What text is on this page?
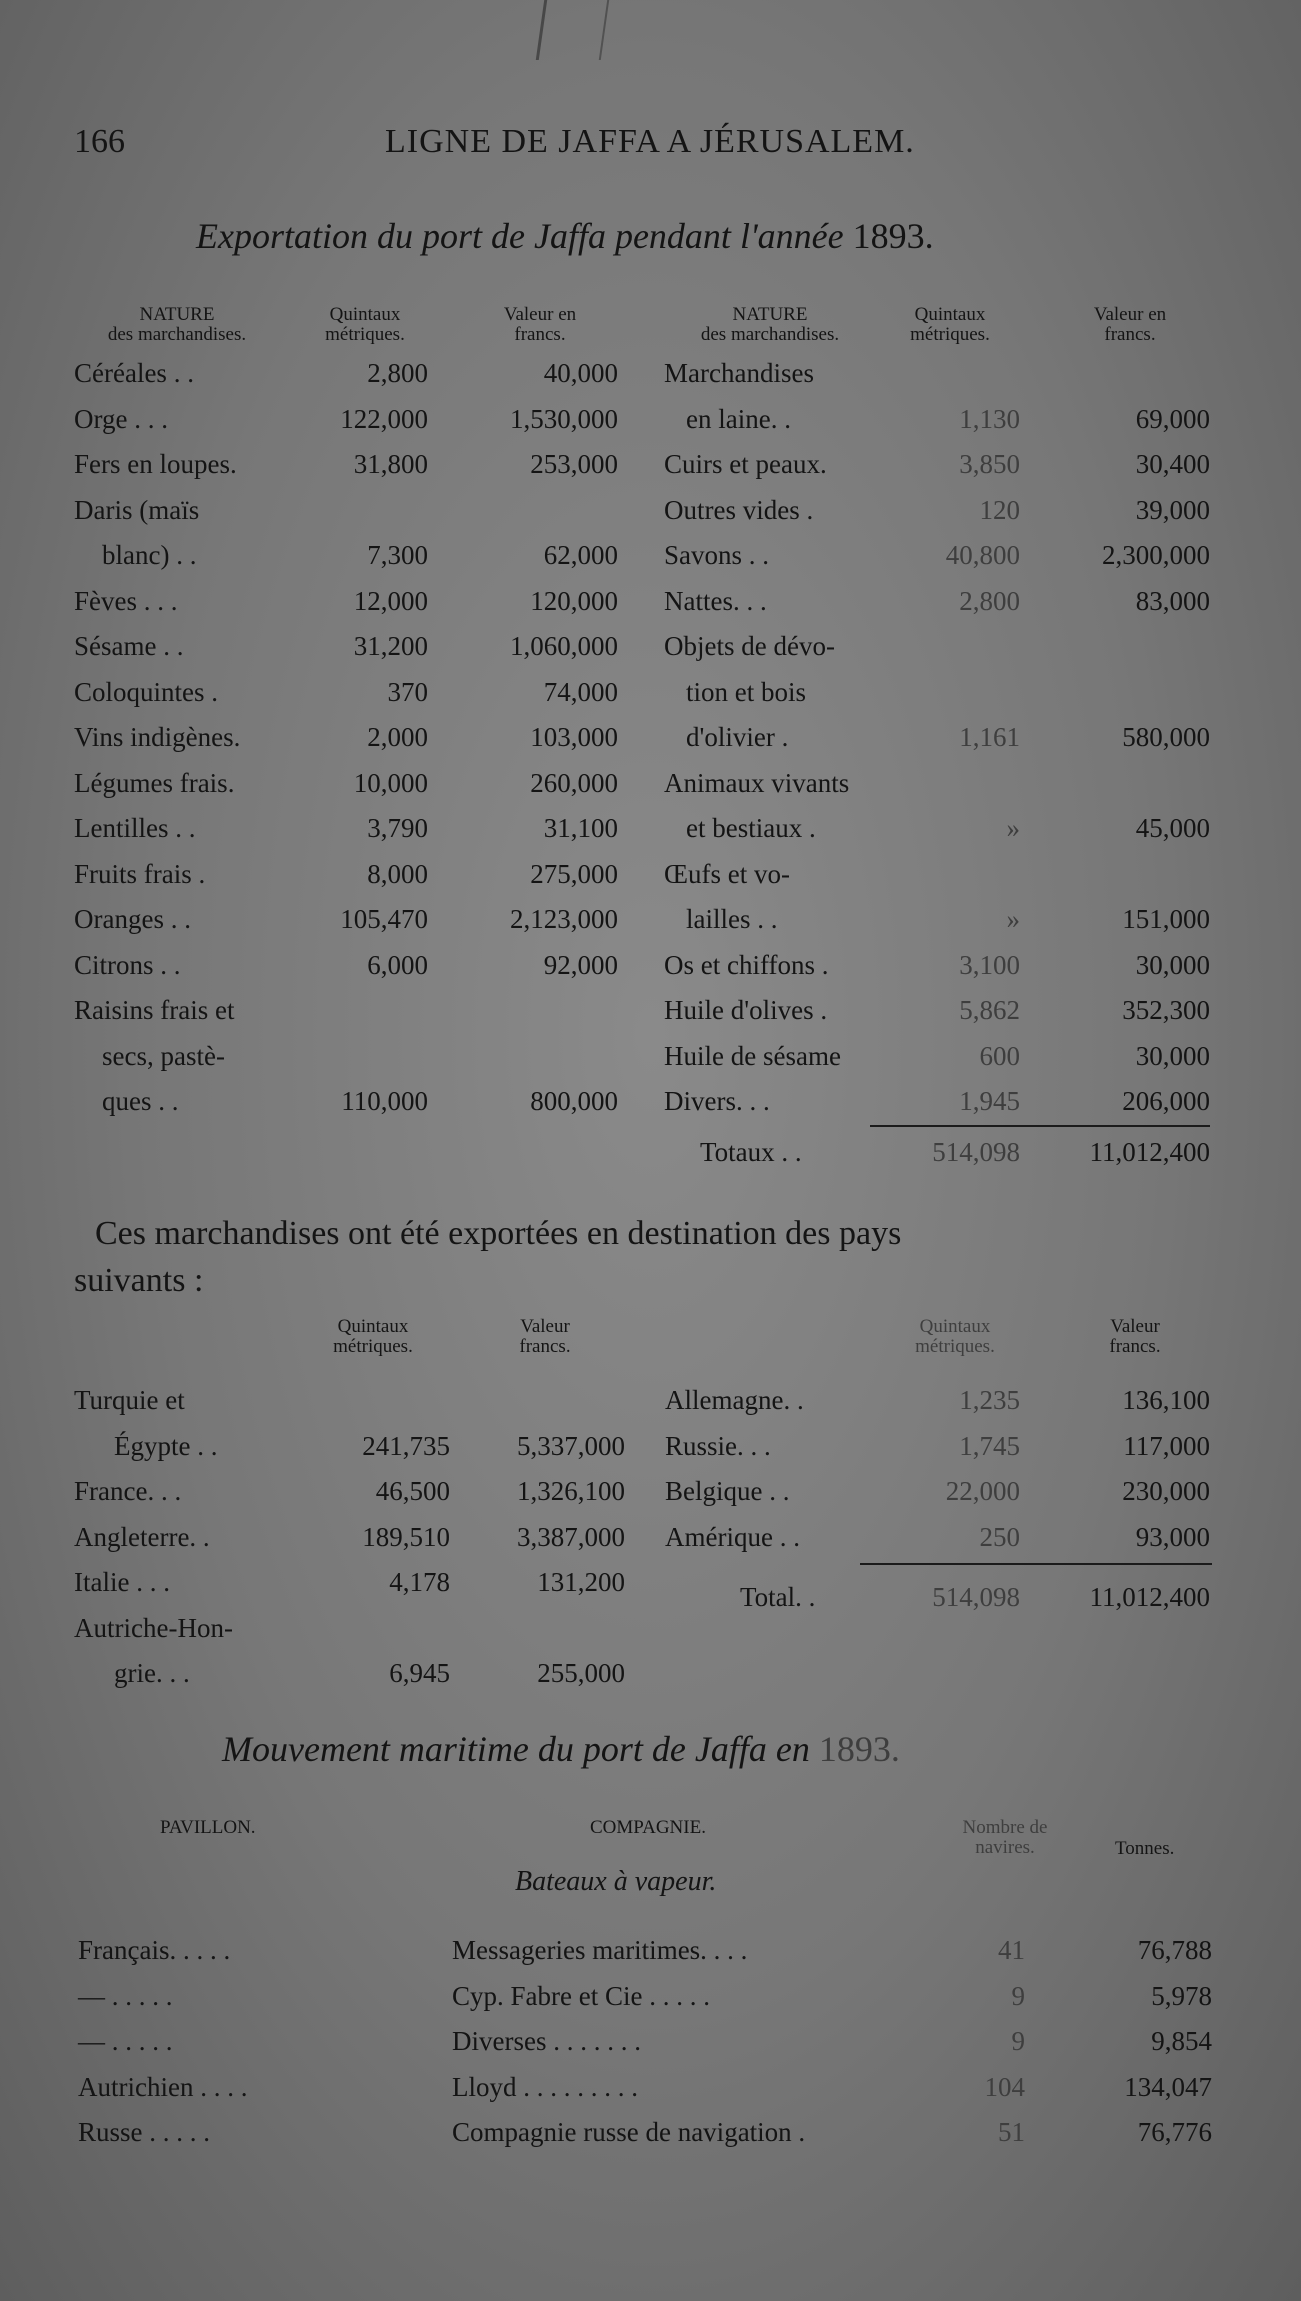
166	LIGNE DE JAFFA A JÉRUSALEM.
Exportation du port de Jaffa pendant l'année 1893.
NATURE
des marchandises.
Quintaux
métriques.
Valeur en
francs.
NATURE
des marchandises.
Quintaux
métriques.
Valeur en
francs.
Céréales . .	2,800	40,000
Orge . . .	122,000	1,530,000
Fers en loupes.	31,800	253,000
Daris (maïs
blanc) . .	7,300	62,000
Fèves . . .	12,000	120,000
Sésame . .	31,200	1,060,000
Coloquintes .	370	74,000
Vins indigènes.	2,000	103,000
Légumes frais.	10,000	260,000
Lentilles . .	3,790	31,100
Fruits frais .	8,000	275,000
Oranges . .	105,470	2,123,000
Citrons . .	6,000	92,000
Raisins frais et
secs, pastè-
ques . .	110,000	800,000
Marchandises
en laine. .	1,130	69,000
Cuirs et peaux.	3,850	30,400
Outres vides .	120	39,000
Savons . .	40,800	2,300,000
Nattes. . .	2,800	83,000
Objets de dévo-
tion et bois
d'olivier .	1,161	580,000
Animaux vivants
et bestiaux .	»	45,000
Œufs et vo-
lailles . .	»	151,000
Os et chiffons .	3,100	30,000
Huile d'olives .	5,862	352,300
Huile de sésame	600	30,000
Divers. . .	1,945	206,000
Totaux . .	514,098	11,012,400
Ces marchandises ont été exportées en destination des pays
suivants :
Quintaux
métriques.
Valeur
francs.
Quintaux
métriques.
Valeur
francs.
Turquie et
Égypte . .	241,735	5,337,000
France. . .	46,500	1,326,100
Angleterre. .	189,510	3,387,000
Italie . . .	4,178	131,200
Autriche-Hon-
grie. . .	6,945	255,000
Allemagne. .	1,235	136,100
Russie. . .	1,745	117,000
Belgique . .	22,000	230,000
Amérique . .	250	93,000
Total. .	514,098	11,012,400
Mouvement maritime du port de Jaffa en 1893.
PAVILLON.	COMPAGNIE.	Nombre de
navires.	Tonnes.
Bateaux à vapeur.
Français. . . . .	Messageries maritimes. . . .	41	76,788
— . . . . .	Cyp. Fabre et Cie . . . . .	9	5,978
— . . . . .	Diverses . . . . . . .	9	9,854
Autrichien . . . .	Lloyd . . . . . . . . .	104	134,047
Russe . . . . .	Compagnie russe de navigation .	51	76,776
